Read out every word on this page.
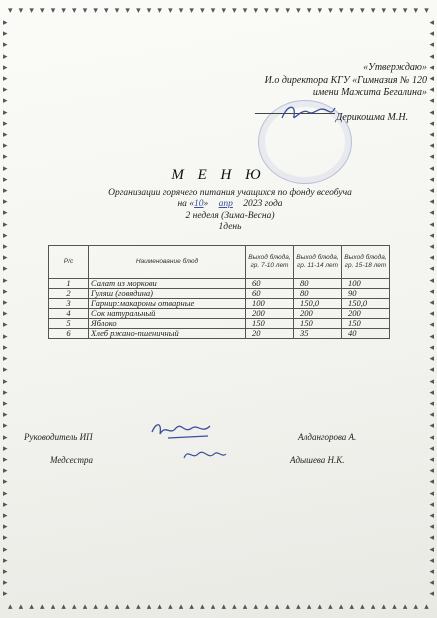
▾ ▾ ▾ ▾ ▾ ▾ ▾ ▾ ▾ ▾ ▾ ▾ ▾ ▾ ▾ ▾ ▾ ▾ ▾ ▾ ▾ ▾ ▾ ▾ ▾ ▾ ▾ ▾ ▾ ▾ ▾ ▾ ▾ ▾ ▾ ▾ ▾ ▾ ▾ ▾
▴ ▴ ▴ ▴ ▴ ▴ ▴ ▴ ▴ ▴ ▴ ▴ ▴ ▴ ▴ ▴ ▴ ▴ ▴ ▴ ▴ ▴ ▴ ▴ ▴ ▴ ▴ ▴ ▴ ▴ ▴ ▴ ▴ ▴ ▴ ▴ ▴ ▴ ▴ ▴
▸
▸
▸
▸
▸
▸
▸
▸
▸
▸
▸
▸
▸
▸
▸
▸
▸
▸
▸
▸
▸
▸
▸
▸
▸
▸
▸
▸
▸
▸
▸
▸
▸
▸
▸
▸
▸
▸
▸
▸
▸
▸
▸
▸
▸
▸
▸
▸
▸
▸
▸
▸
◂
◂
◂
◂
◂
◂
◂
◂
◂
◂
◂
◂
◂
◂
◂
◂
◂
◂
◂
◂
◂
◂
◂
◂
◂
◂
◂
◂
◂
◂
◂
◂
◂
◂
◂
◂
◂
◂
◂
◂
◂
◂
◂
◂
◂
◂
◂
◂
◂
◂
◂
◂
«Утверждаю»
И.о директора КГУ «Гимназия № 120
имени Мажита Бегалина»
Дерикошма М.Н.
М Е Н Ю
Организации горячего питания учащихся по фонду всеобуча
на «10» апр 2023 года
2 неделя (Зима-Весна)
1день
Р/с	Наименование блюд	Выход блюда, гр. 7-10 лет	Выход блюда, гр. 11-14 лет	Выход блюда, гр. 15-18 лет
1	Салат из моркови	60	80	100
2	Гуляш (говядина)	60	80	90
3	Гарнир:макароны отварные	100	150,0	150,0
4	Сок натуральный	200	200	200
5	Яблоко	150	150	150
6	Хлеб ржано-пшеничный	20	35	40
Руководитель ИП	Алдангорова А.
Медсестра	Адышева Н.К.
